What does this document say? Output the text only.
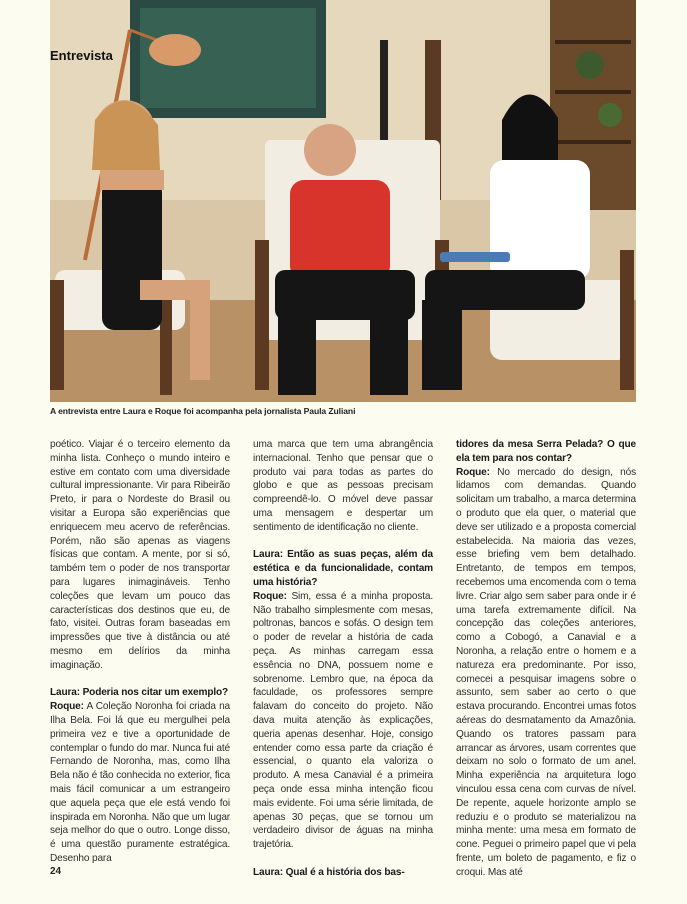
Entrevista
A entrevista entre Laura e Roque foi acompanha pela jornalista Paula Zuliani

poético. Viajar é o terceiro elemento da minha lista. Conheço o mundo inteiro e estive em contato com uma diversidade cultural impressionante. Vir para Ribeirão Preto, ir para o Nordeste do Brasil ou visitar a Europa são experiências que enriquecem meu acervo de referências. Porém, não são apenas as viagens físicas que contam. A mente, por si só, também tem o poder de nos transportar para lugares inimagináveis. Tenho coleções que levam um pouco das características dos destinos que eu, de fato, visitei. Outras foram baseadas em impressões que tive à distância ou até mesmo em delírios da minha imaginação.

Laura: Poderia nos citar um exemplo?

Roque: A Coleção Noronha foi criada na Ilha Bela. Foi lá que eu mergulhei pela primeira vez e tive a oportunidade de contemplar o fundo do mar. Nunca fui até Fernando de Noronha, mas, como Ilha Bela não é tão conhecida no exterior, fica mais fácil comunicar a um estrangeiro que aquela peça que ele está vendo foi inspirada em Noronha. Não que um lugar seja melhor do que o outro. Longe disso, é uma questão puramente estratégica. Desenho para

uma marca que tem uma abrangência internacional. Tenho que pensar que o produto vai para todas as partes do globo e que as pessoas precisam compreendê-lo. O móvel deve passar uma mensagem e despertar um sentimento de identificação no cliente.

Laura: Então as suas peças, além da estética e da funcionalidade, contam uma história?

Roque: Sim, essa é a minha proposta. Não trabalho simplesmente com mesas, poltronas, bancos e sofás. O design tem o poder de revelar a história de cada peça. As minhas carregam essa essência no DNA, possuem nome e sobrenome. Lembro que, na época da faculdade, os professores sempre falavam do conceito do projeto. Não dava muita atenção às explicações, queria apenas desenhar. Hoje, consigo entender como essa parte da criação é essencial, o quanto ela valoriza o produto. A mesa Canavial é a primeira peça onde essa minha intenção ficou mais evidente. Foi uma série limitada, de apenas 30 peças, que se tornou um verdadeiro divisor de águas na minha trajetória.

Laura: Qual é a história dos bas-

tidores da mesa Serra Pelada? O que ela tem para nos contar?

Roque: No mercado do design, nós lidamos com demandas. Quando solicitam um trabalho, a marca determina o produto que ela quer, o material que deve ser utilizado e a proposta comercial estabelecida. Na maioria das vezes, esse briefing vem bem detalhado. Entretanto, de tempos em tempos, recebemos uma encomenda com o tema livre. Criar algo sem saber para onde ir é uma tarefa extremamente difícil. Na concepção das coleções anteriores, como a Cobogó, a Canavial e a Noronha, a relação entre o homem e a natureza era predominante. Por isso, comecei a pesquisar imagens sobre o assunto, sem saber ao certo o que estava procurando. Encontrei umas fotos aéreas do desmatamento da Amazônia. Quando os tratores passam para arrancar as árvores, usam correntes que deixam no solo o formato de um anel. Minha experiência na arquitetura logo vinculou essa cena com curvas de nível. De repente, aquele horizonte amplo se reduziu e o produto se materializou na minha mente: uma mesa em formato de cone. Peguei o primeiro papel que vi pela frente, um boleto de pagamento, e fiz o croqui. Mas até

24
